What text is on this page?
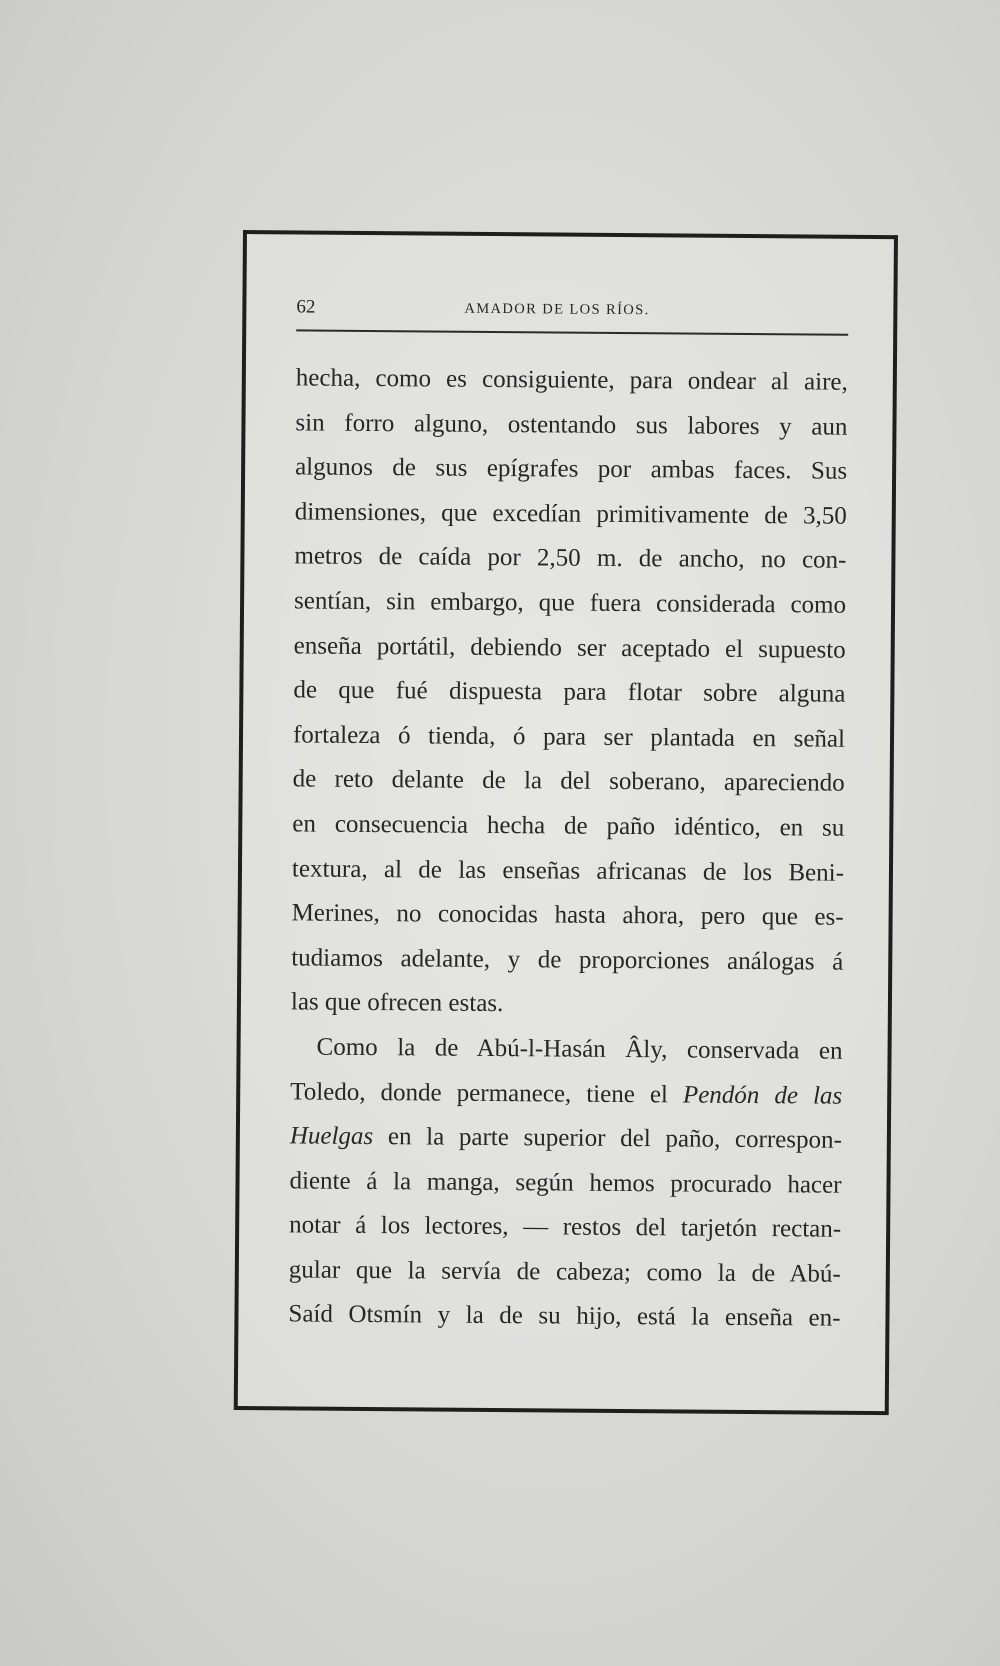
62	AMADOR DE LOS RÍOS.
hecha, como es consiguiente, para ondear al aire,
sin forro alguno, ostentando sus labores y aun
algunos de sus epígrafes por ambas faces. Sus
dimensiones, que excedían primitivamente de 3,50
metros de caída por 2,50 m. de ancho, no con-
sentían, sin embargo, que fuera considerada como
enseña portátil, debiendo ser aceptado el supuesto
de que fué dispuesta para flotar sobre alguna
fortaleza ó tienda, ó para ser plantada en señal
de reto delante de la del soberano, apareciendo
en consecuencia hecha de paño idéntico, en su
textura, al de las enseñas africanas de los Beni-
Merines, no conocidas hasta ahora, pero que es-
tudiamos adelante, y de proporciones análogas á
las que ofrecen estas.
Como la de Abú-l-Hasán Âly, conservada en
Toledo, donde permanece, tiene el Pendón de las
Huelgas en la parte superior del paño, correspon-
diente á la manga, según hemos procurado hacer
notar á los lectores, — restos del tarjetón rectan-
gular que la servía de cabeza; como la de Abú-
Saíd Otsmín y la de su hijo, está la enseña en-
